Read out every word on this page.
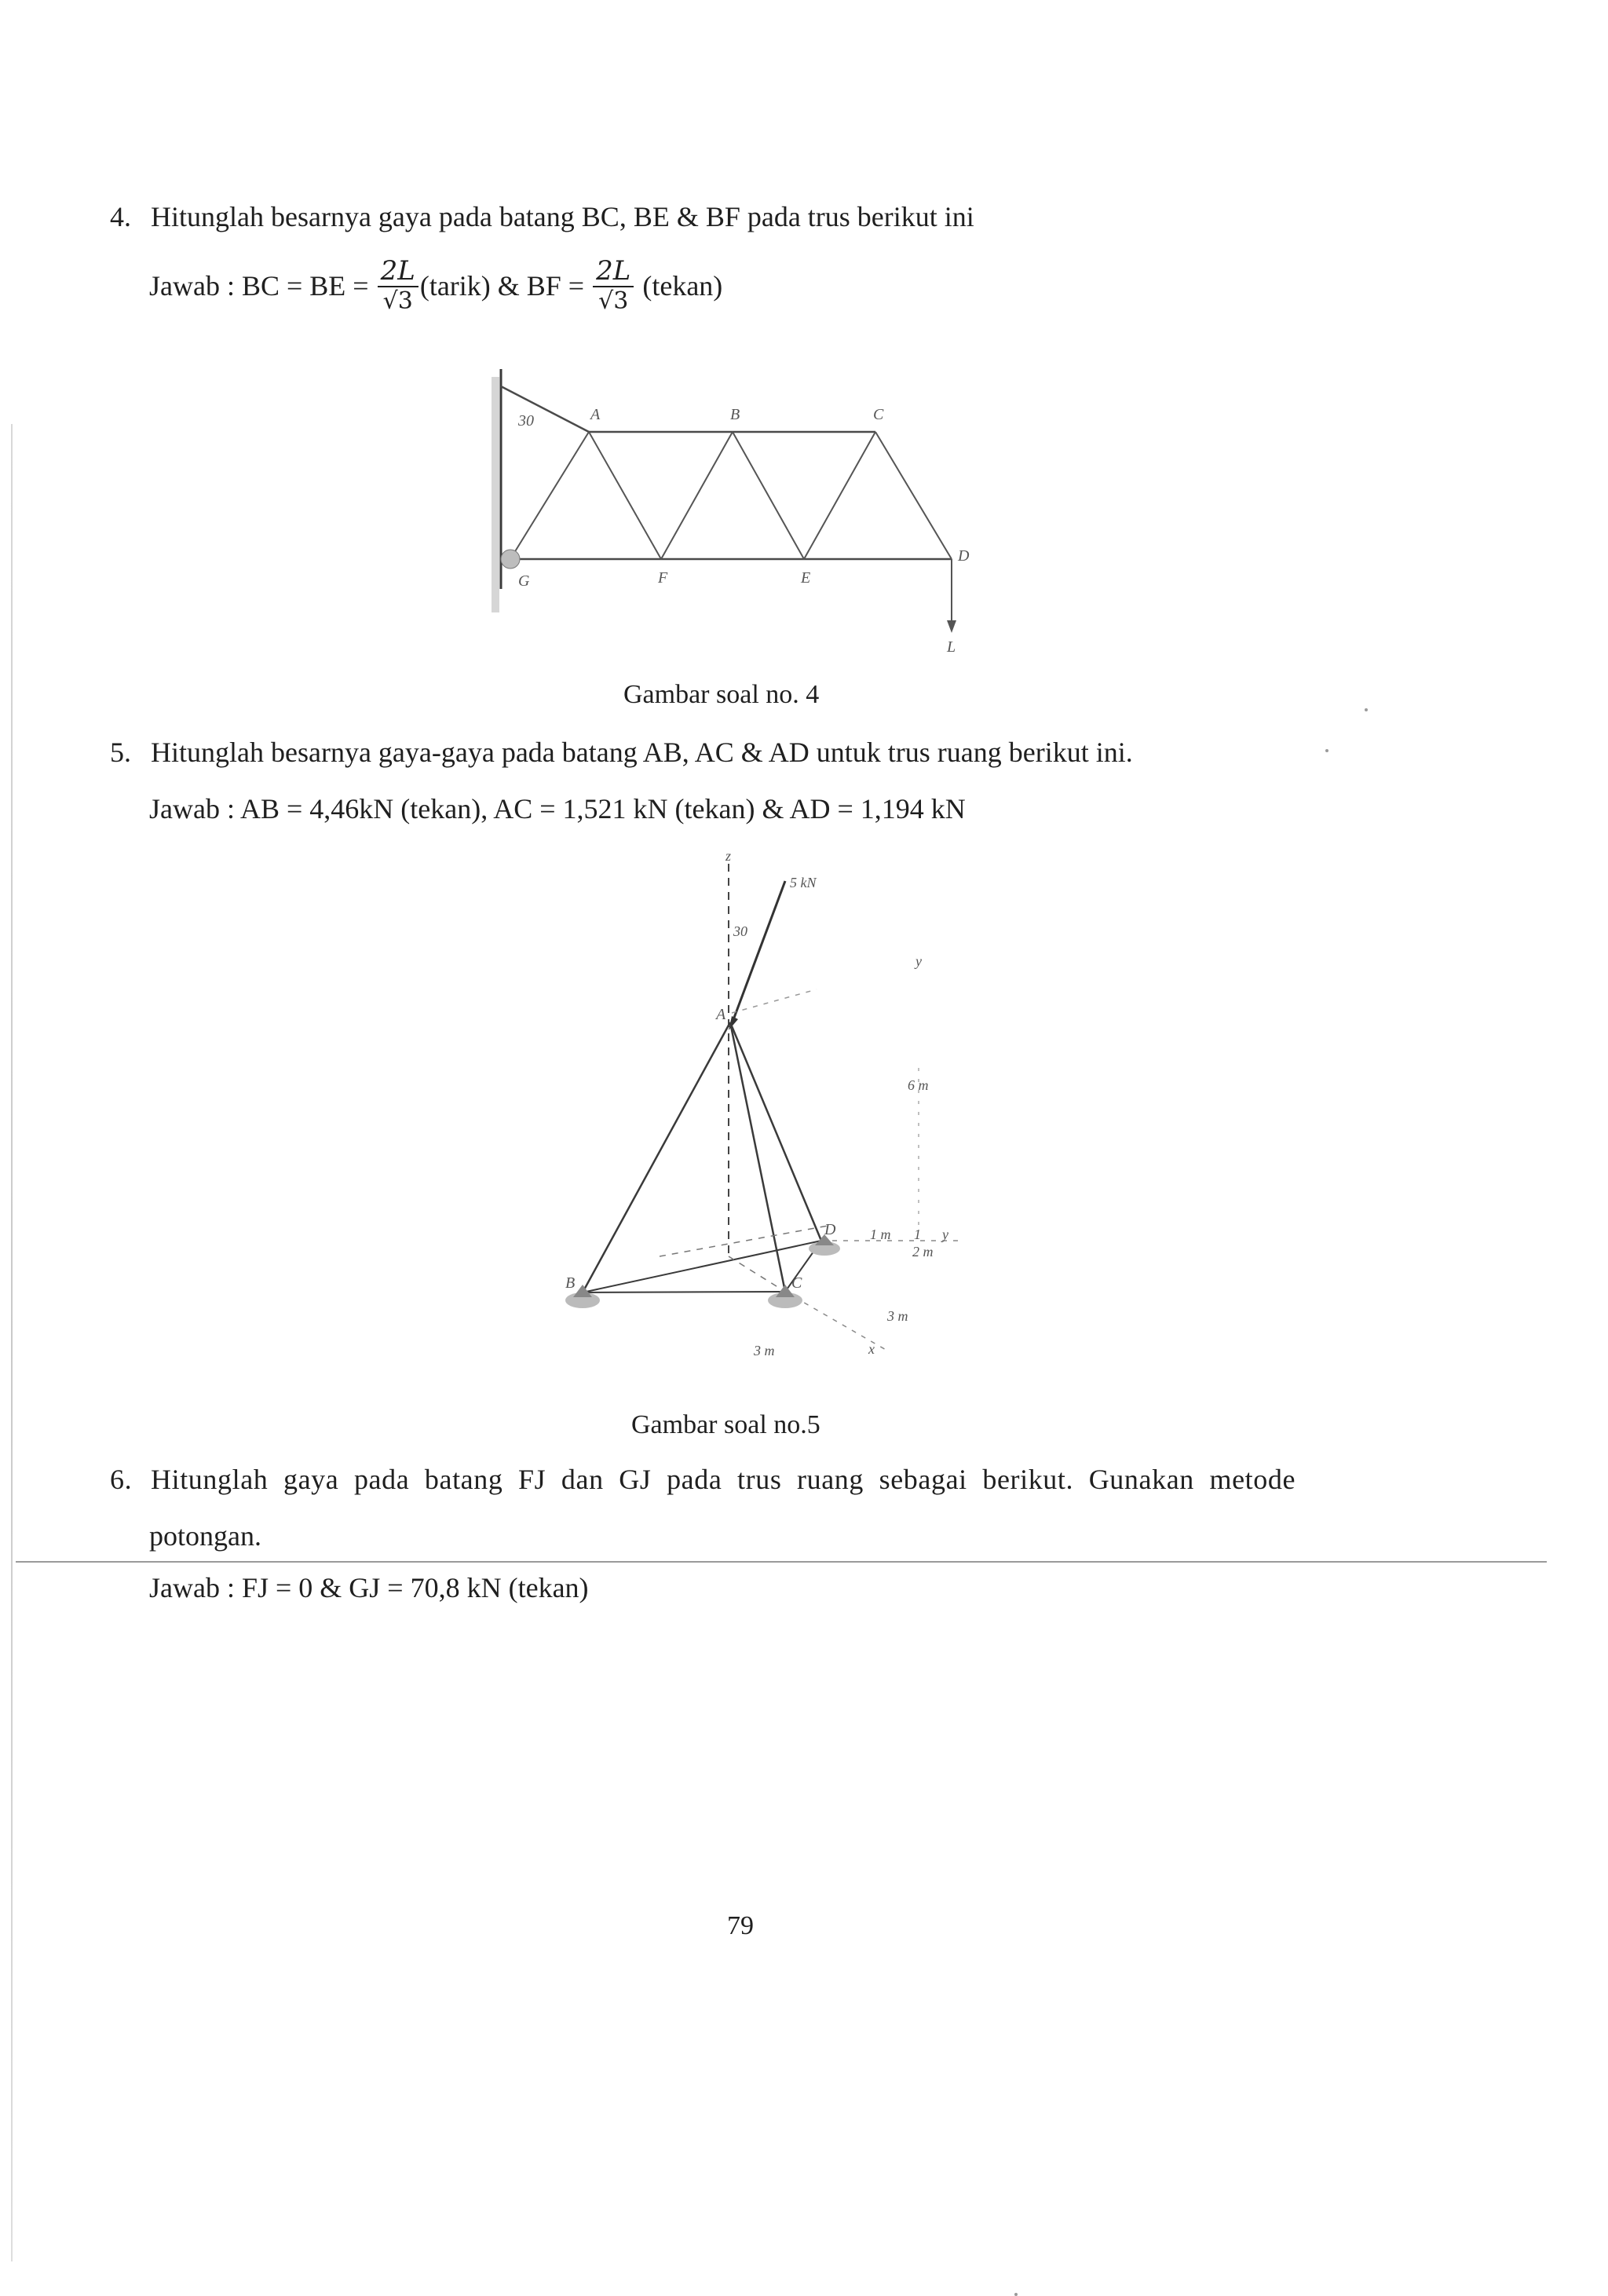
4. Hitunglah besarnya gaya pada batang BC, BE & BF pada trus berikut ini
Jawab : BC = BE = $\frac{2L}{√3}$ (tarik) & BF = $\frac{2L}{√3}$ (tekan)
30	A	B	C
D
E
F
G
L
Gambar soal no. 4
5. Hitunglah besarnya gaya-gaya pada batang AB, AC & AD untuk trus ruang berikut ini.
Jawab : AB = 4,46kN (tekan), AC = 1,521 kN (tekan) & AD = 1,194 kN
z
5 kN
30
y
A
6 m
D 1 m 1 y
2 m
B	C
3 m
3 m	x
Gambar soal no.5
6. Hitunglah gaya pada batang FJ dan GJ pada trus ruang sebagai berikut. Gunakan metode
potongan.
Jawab : FJ = 0 & GJ = 70,8 kN (tekan)
79
